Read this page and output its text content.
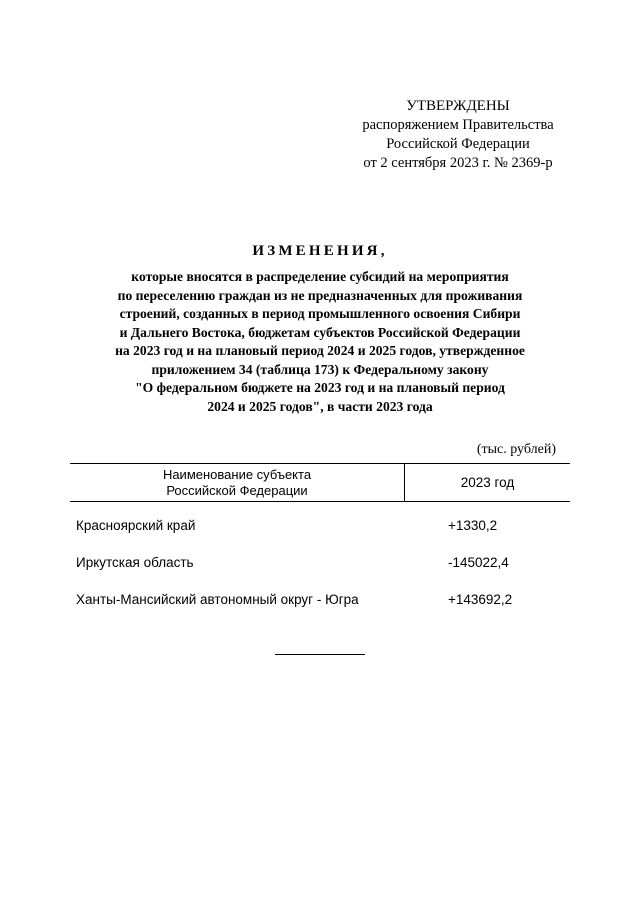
УТВЕРЖДЕНЫ
распоряжением Правительства
Российской Федерации
от 2 сентября 2023 г. № 2369-р
ИЗМЕНЕНИЯ,
которые вносятся в распределение субсидий на мероприятия
по переселению граждан из не предназначенных для проживания
строений, созданных в период промышленного освоения Сибири
и Дальнего Востока, бюджетам субъектов Российской Федерации
на 2023 год и на плановый период 2024 и 2025 годов, утвержденное
приложением 34 (таблица 173) к Федеральному закону
"О федеральном бюджете на 2023 год и на плановый период
2024 и 2025 годов", в части 2023 года
(тыс. рублей)
Наименование субъекта
Российской Федерации	2023 год
Красноярский край	+1330,2
Иркутская область	-145022,4
Ханты-Мансийский автономный округ - Югра	+143692,2
